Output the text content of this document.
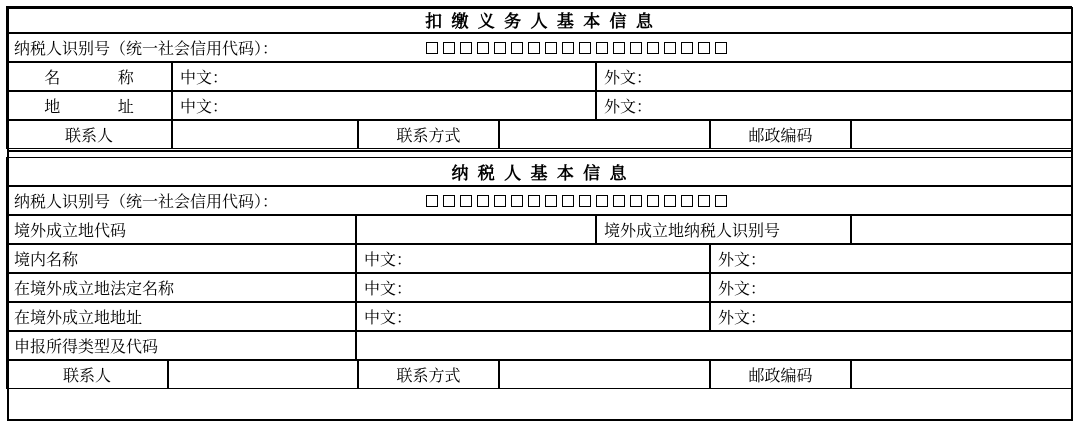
扣缴义务人基本信息
纳税人识别号（统一社会信用代码）：
名　称 中文：	外文：
地　址 中文：	外文：
联系人	联系方式	邮政编码
纳税人基本信息
纳税人识别号（统一社会信用代码）：
境外成立地代码	境外成立地纳税人识别号
境内名称	中文：	外文：
在境外成立地法定名称	中文：	外文：
在境外成立地地址	中文：	外文：
申报所得类型及代码
联系人	联系方式	邮政编码
